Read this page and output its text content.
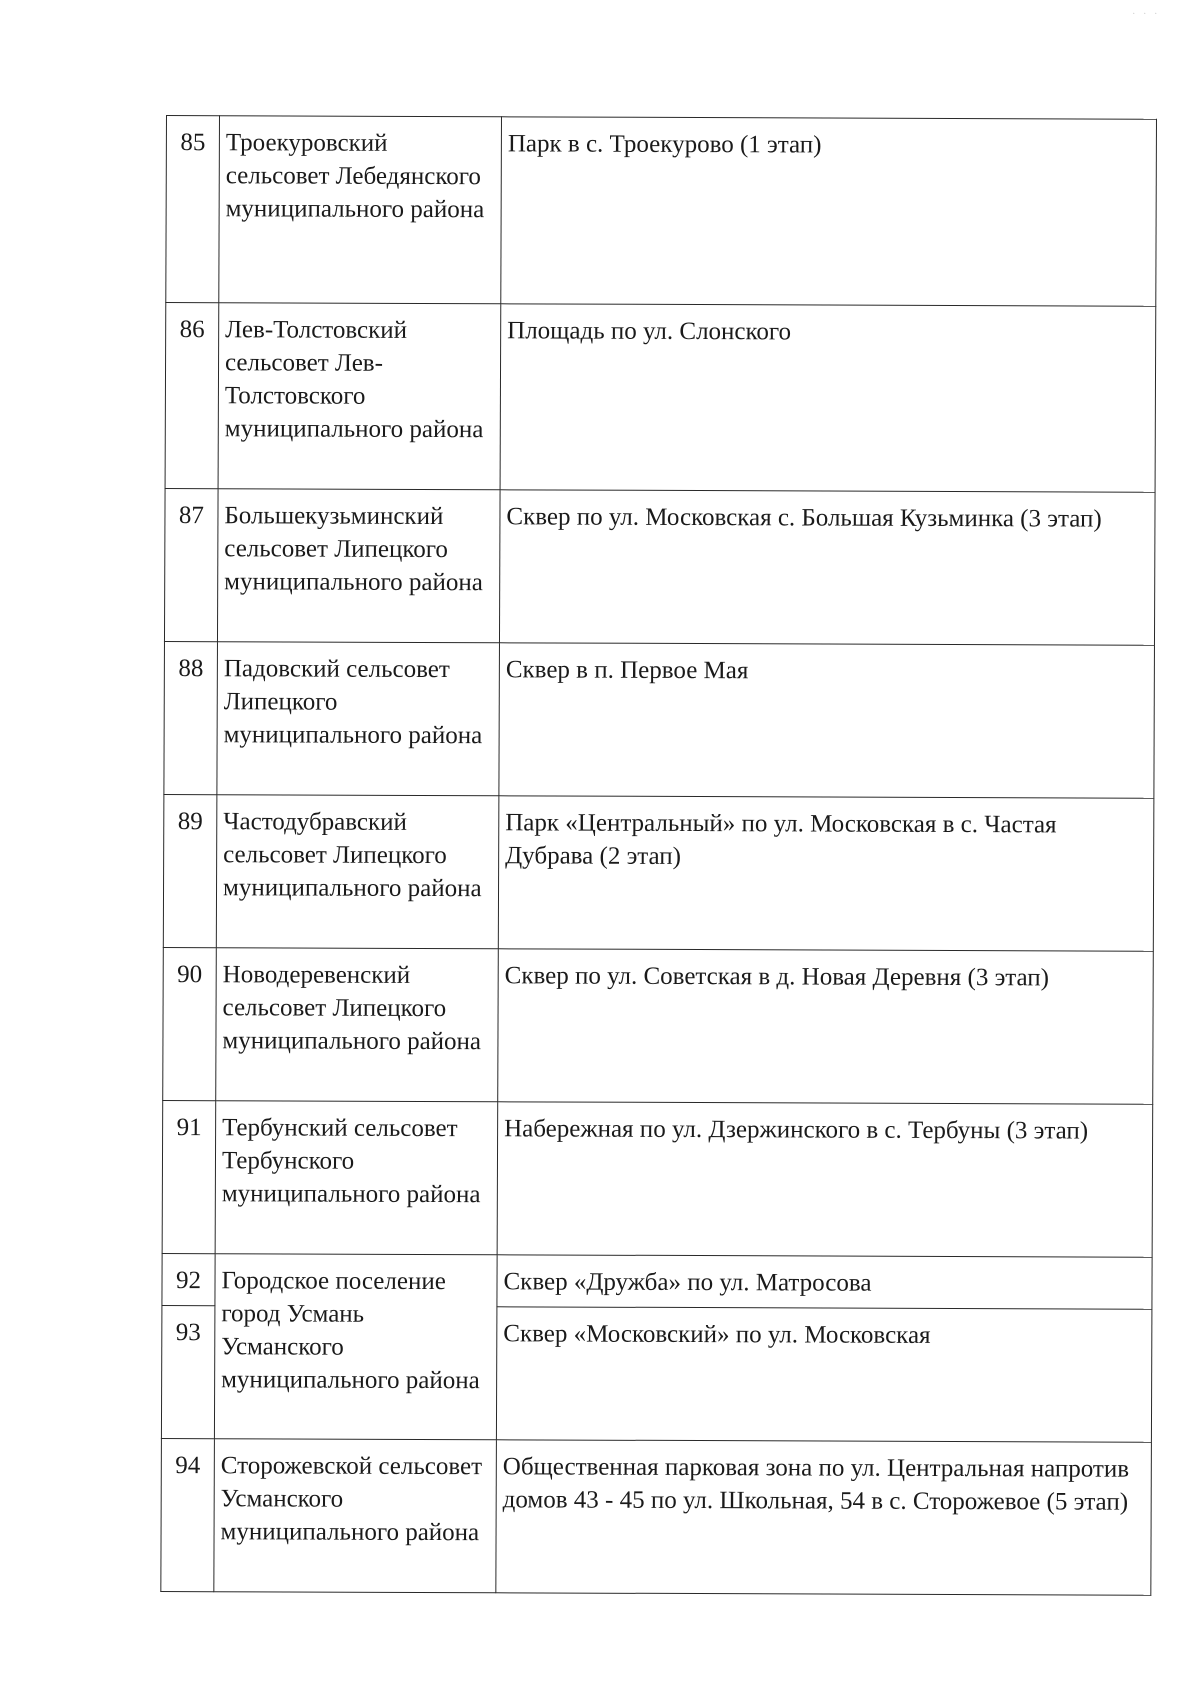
. . .
85	Троекуровский сельсовет Лебедянского муниципального района	Парк в с. Троекурово (1 этап)
86	Лев-Толстовский сельсовет Лев-Толстовского муниципального района	Площадь по ул. Слонского
87	Большекузьминский сельсовет Липецкого муниципального района	Сквер по ул. Московская с. Большая Кузьминка (3 этап)
88	Падовский сельсовет Липецкого муниципального района	Сквер в п. Первое Мая
89	Частодубравский сельсовет Липецкого муниципального района	Парк «Центральный» по ул. Московская в с. Частая Дубрава (2 этап)
90	Новодеревенский сельсовет Липецкого муниципального района	Сквер по ул. Советская в д. Новая Деревня (3 этап)
91	Тербунский сельсовет Тербунского муниципального района	Набережная по ул. Дзержинского в с. Тербуны (3 этап)
92	Городское поселение город Усмань Усманского муниципального района	Сквер «Дружба» по ул. Матросова
93		Сквер «Московский» по ул. Московская
94	Сторожевской сельсовет Усманского муниципального района	Общественная парковая зона по ул. Центральная напротив домов 43 - 45 по ул. Школьная, 54 в с. Сторожевое (5 этап)
